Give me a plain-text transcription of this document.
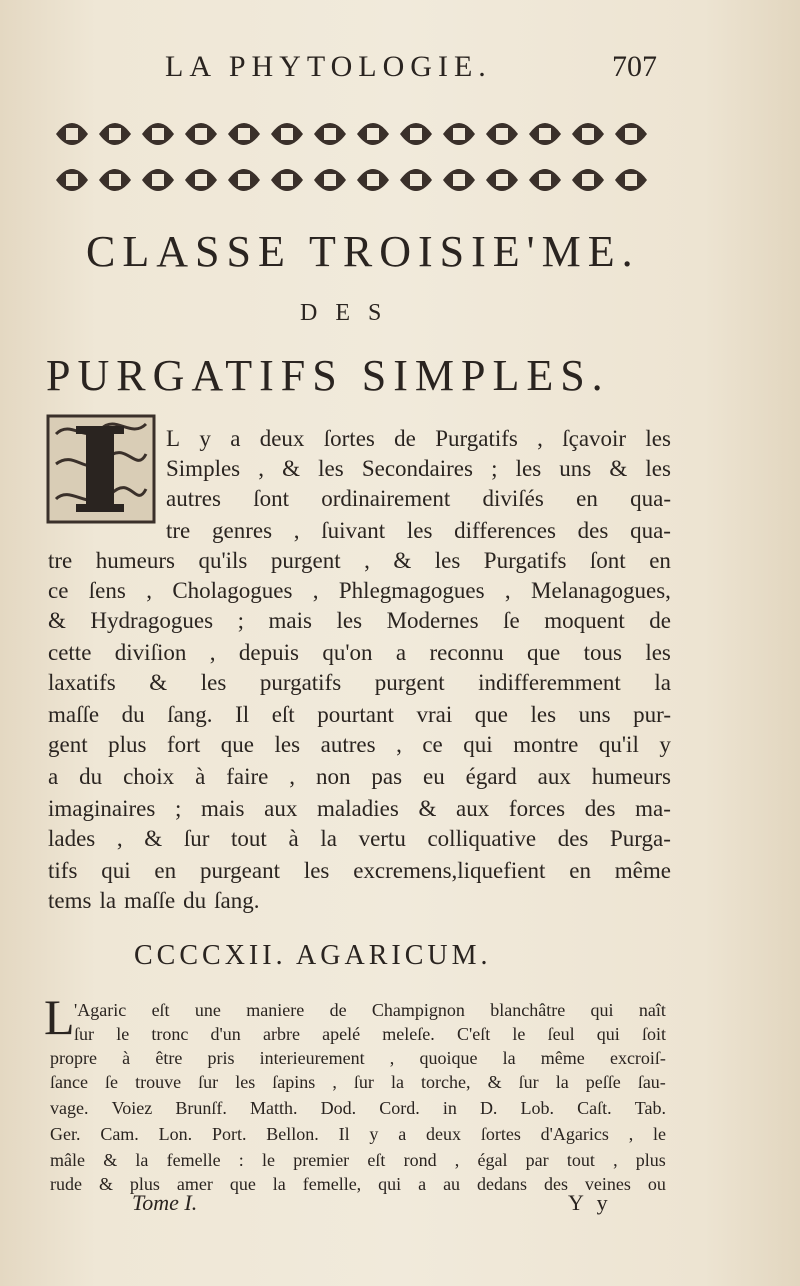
LA PHYTOLOGIE.	707
CLASSE TROISIE'ME.
DES
PURGATIFS SIMPLES.
L y a deux ſortes de Purgatifs , ſçavoir les
Simples , & les Secondaires ; les uns & les
autres ſont ordinairement diviſés en qua-
tre genres , ſuivant les differences des qua-
tre humeurs qu'ils purgent , & les Purgatifs ſont en
ce ſens , Cholagogues , Phlegmagogues , Melanagogues,
& Hydragogues ; mais les Modernes ſe moquent de
cette diviſion , depuis qu'on a reconnu que tous les
laxatifs & les purgatifs purgent indifferemment la
maſſe du ſang. Il eſt pourtant vrai que les uns pur-
gent plus fort que les autres , ce qui montre qu'il y
a du choix à faire , non pas eu égard aux humeurs
imaginaires ; mais aux maladies & aux forces des ma-
lades , & ſur tout à la vertu colliquative des Purga-
tifs qui en purgeant les excremens,liquefient en même
tems la maſſe du ſang.
CCCCXII. AGARICUM.
L 'Agaric eſt une maniere de Champignon blanchâtre qui naît
ſur le tronc d'un arbre apelé meleſe. C'eſt le ſeul qui ſoit
propre à être pris interieurement , quoique la même excroiſ-
ſance ſe trouve ſur les ſapins , ſur la torche, & ſur la peſſe ſau-
vage. Voiez Brunſf. Matth. Dod. Cord. in D. Lob. Caſt. Tab.
Ger. Cam. Lon. Port. Bellon. Il y a deux ſortes d'Agarics , le
mâle & la femelle : le premier eſt rond , égal par tout , plus
rude & plus amer que la femelle, qui a au dedans des veines ou
Tome I.	Y y
